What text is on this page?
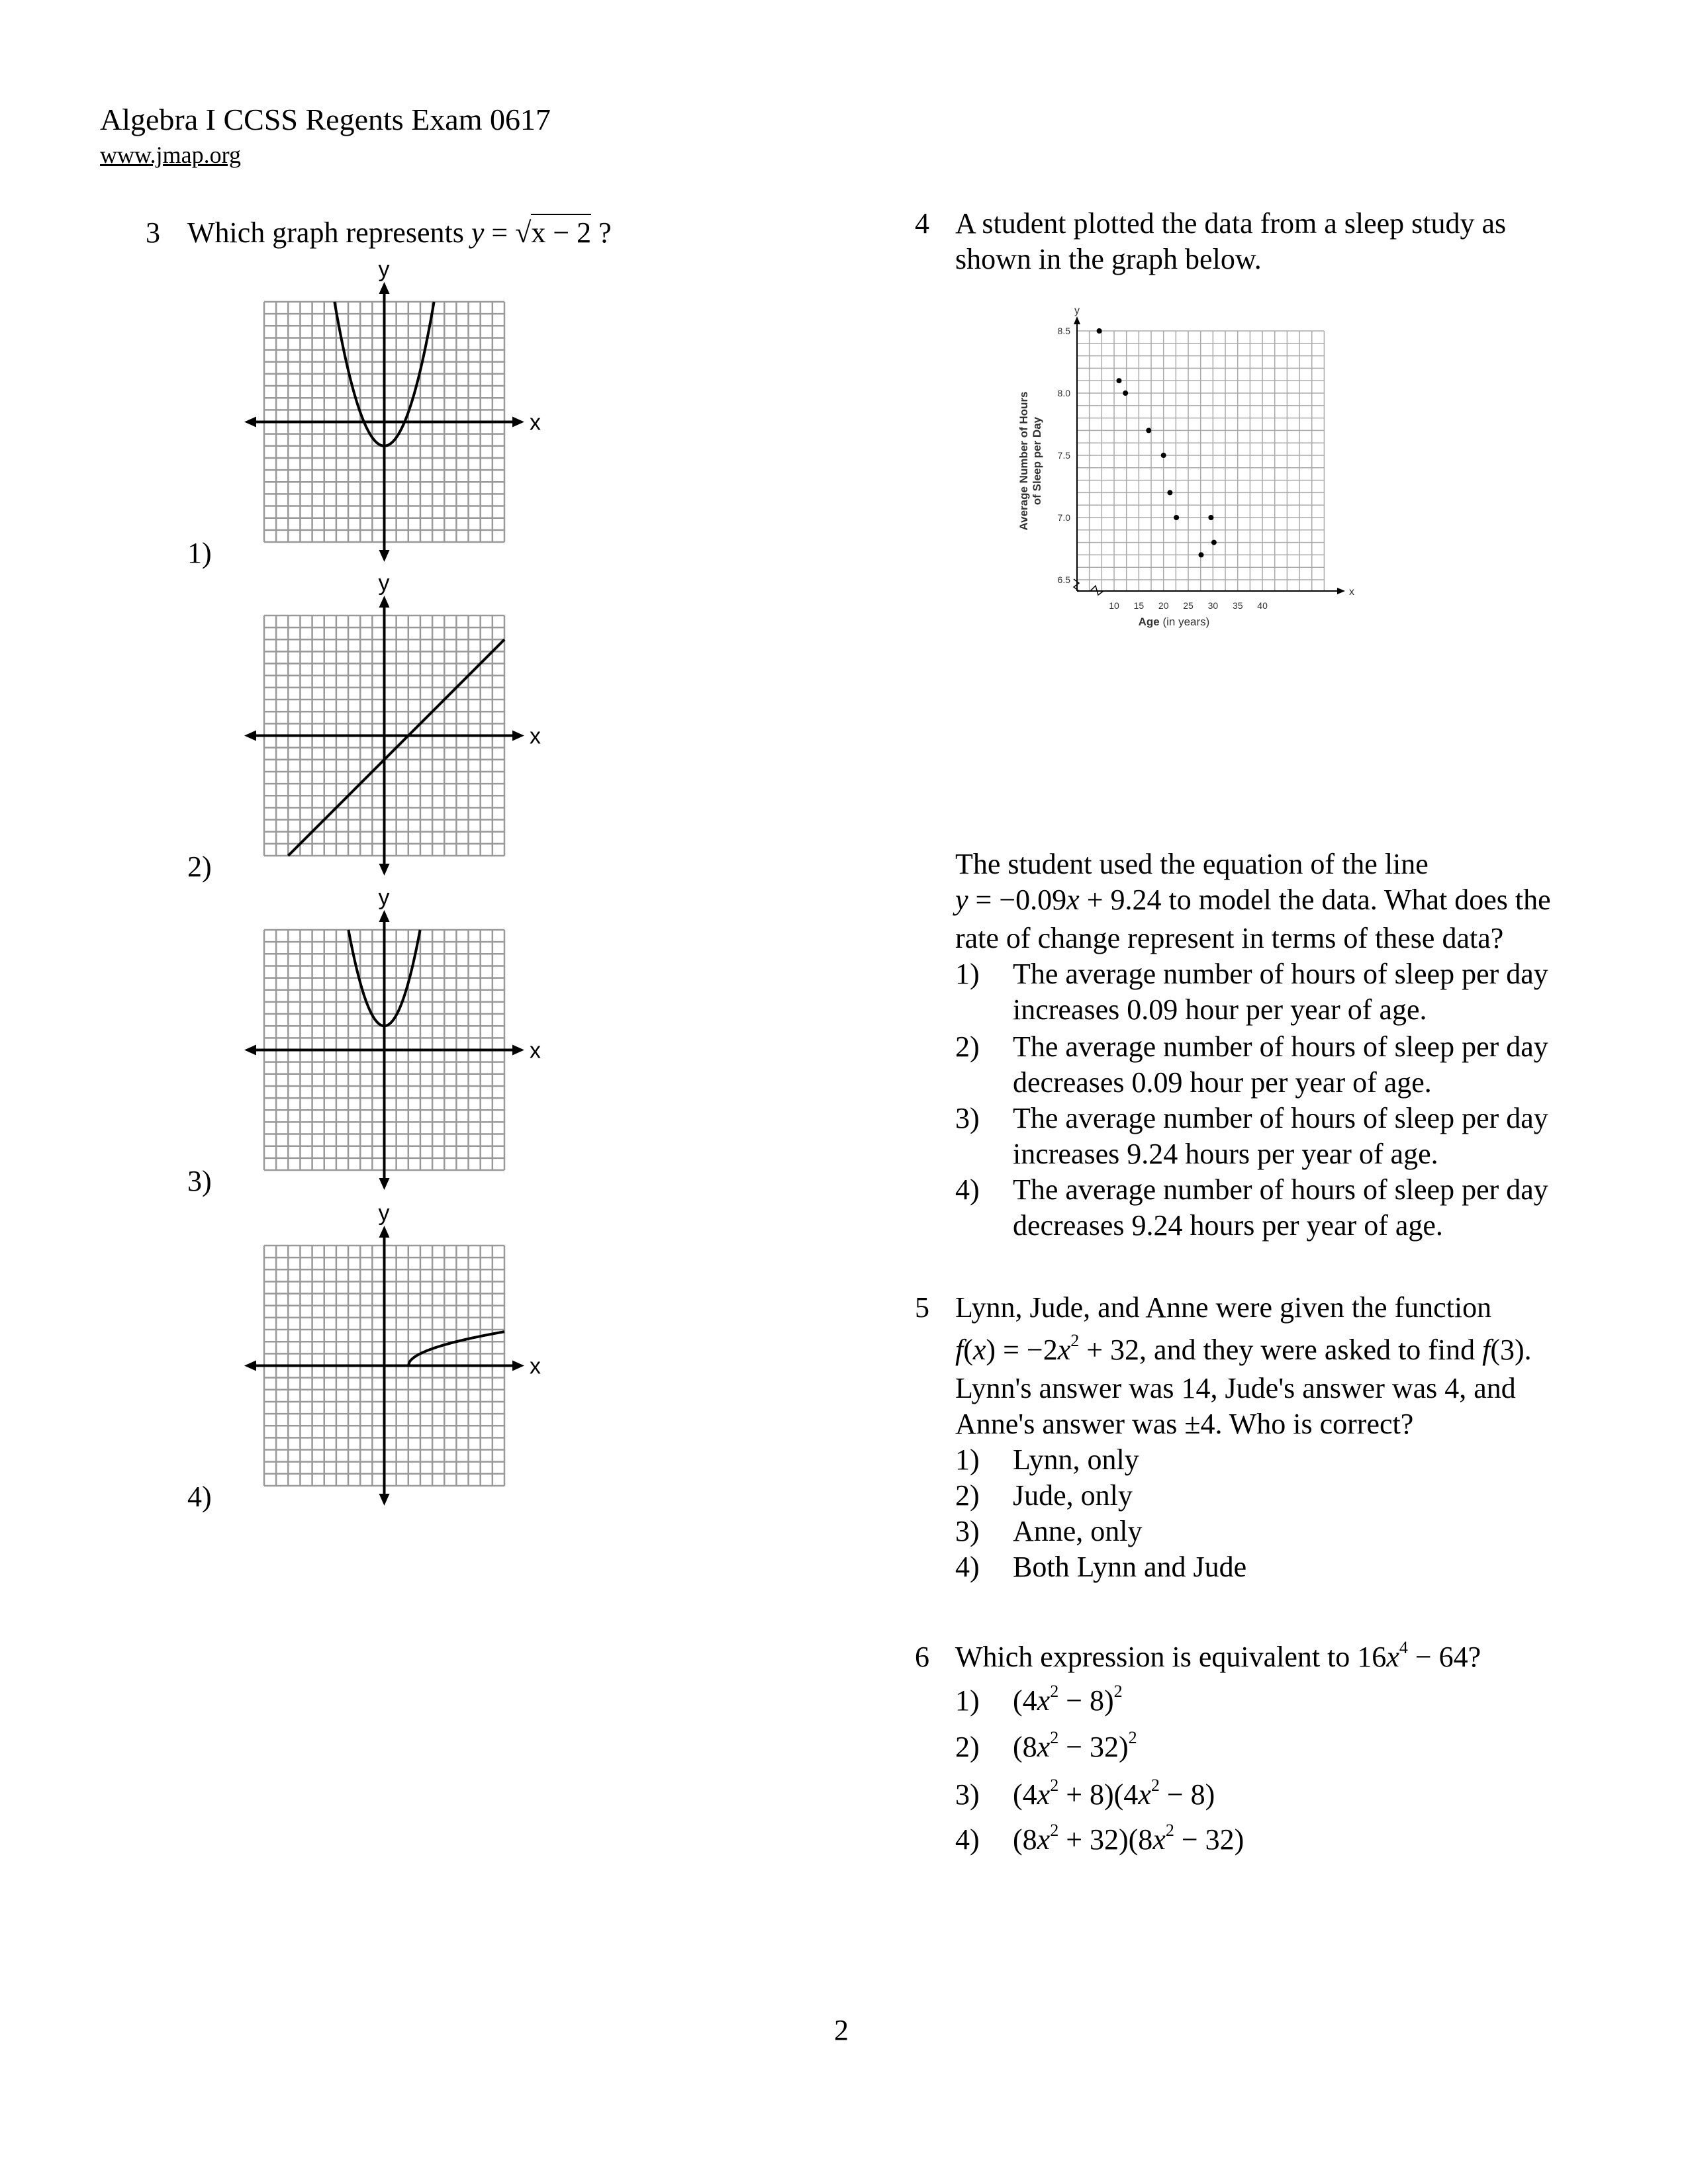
Algebra I CCSS Regents Exam 0617
www.jmap.org
3 Which graph represents y = √x − 2 ?	4 A student plotted the data from a sleep study as
shown in the graph below.
10 15 20 25 30 35 40
6.5
7.0
7.5
8.0
8.5
x
y
Age (in years)
Average Number of Hours of Sleep per Day
The student used the equation of the line
y = −0.09x + 9.24 to model the data. What does the
rate of change represent in terms of these data?
5 Lynn, Jude, and Anne were given the function
$f(x) = -2x^2 + 32$, and they were asked to find f(3).
Lynn's answer was 14, Jude's answer was 4, and
Anne's answer was ±4. Who is correct?
6 Which expression is equivalent to $16x^4 - 64$?
2
x
y
1)
x
y
2)
x
y
3)
x
y
4)
1) The average number of hours of sleep per day
increases 0.09 hour per year of age.
2) The average number of hours of sleep per day
decreases 0.09 hour per year of age.
3) The average number of hours of sleep per day
increases 9.24 hours per year of age.
4) The average number of hours of sleep per day
decreases 9.24 hours per year of age.
1) Lynn, only
2) Jude, only
3) Anne, only
4) Both Lynn and Jude
1) $(4x^2 - 8)^2$
2) $(8x^2 - 32)^2$
3) $(4x^2 + 8)(4x^2 - 8)$
4) $(8x^2 + 32)(8x^2 - 32)$
